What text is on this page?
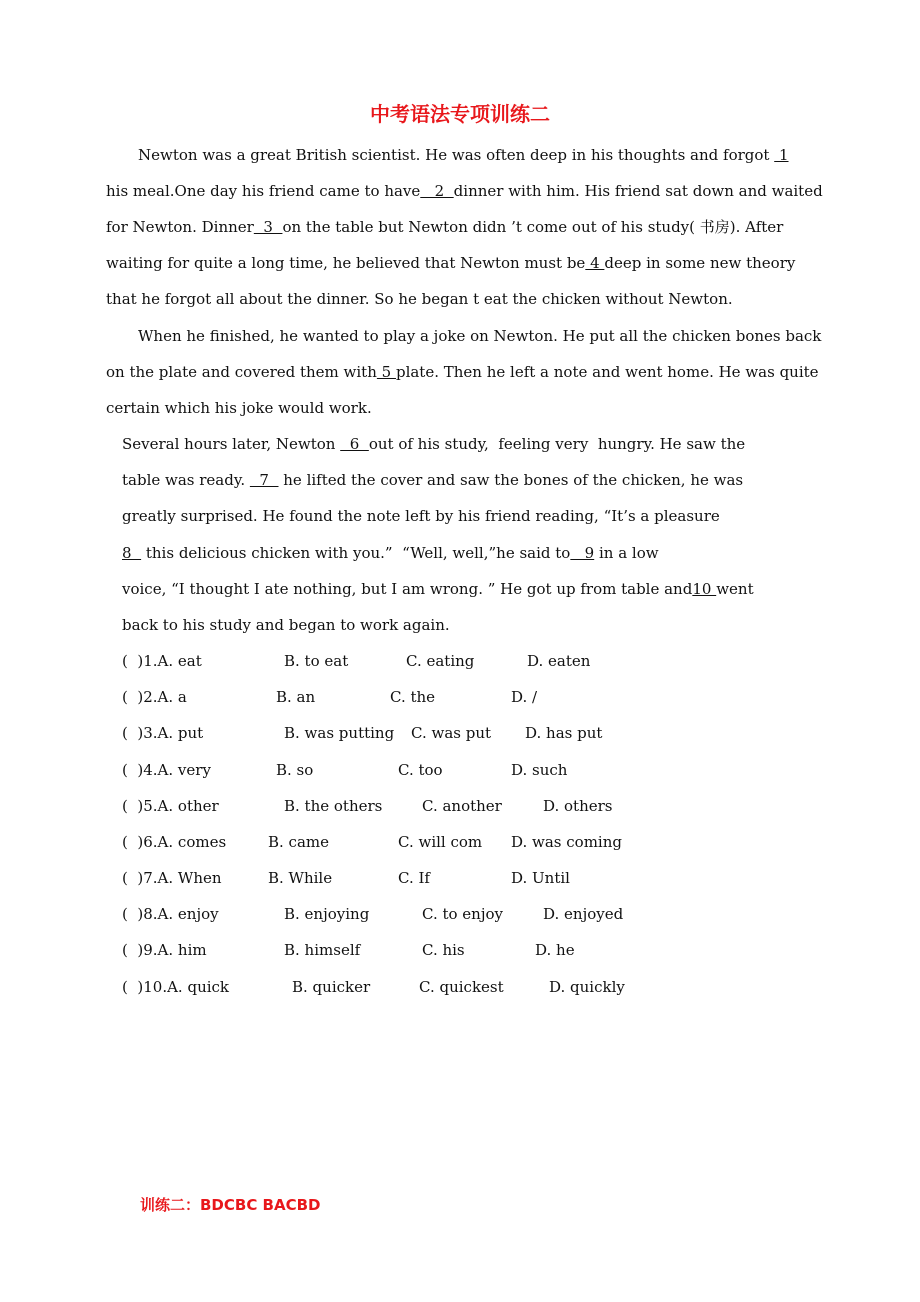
中考语法专项训练二
Newton was a great British scientist. He was often deep in his thoughts and forgot  1
his meal.One day his friend came to have   2  dinner with him. His friend sat down and waited
for Newton. Dinner  3  on the table but Newton didn ’t come out of his study( 书房). After
waiting for quite a long time, he believed that Newton must be 4 deep in some new theory
that he forgot all about the dinner. So he began t eat the chicken without Newton.
When he finished, he wanted to play a joke on Newton. He put all the chicken bones back
on the plate and covered them with 5 plate. Then he left a note and went home. He was quite
certain which his joke would work.
Several hours later, Newton   6  out of his study,  feeling very  hungry. He saw the
table was ready.   7   he lifted the cover and saw the bones of the chicken, he was
greatly surprised. He found the note left by his friend reading, “It’s a pleasure
8   this delicious chicken with you.”  “Well, well,”he said to   9 in a low
voice, “I thought I ate nothing, but I am wrong. ” He got up from table and10 went
back to his study and began to work again.
(  )1.A. eat	B. to eat	C. eating	D. eaten
(  )2.A. a	B. an	C. the	D. /
(  )3.A. put	B. was putting C. was put D. has put
(  )4.A. very	B. so	C. too	D. such
(  )5.A. other	B. the others	C. another	D. others
(  )6.A. comes	B. came	C. will com D. was coming
(  )7.A. When	B. While	C. If	D. Until
(  )8.A. enjoy	B. enjoying	C. to enjoy	D. enjoyed
(  )9.A. him	B. himself	C. his	D. he
(  )10.A. quick	B. quicker	C. quickest	D. quickly
训练二：BDCBC BACBD
